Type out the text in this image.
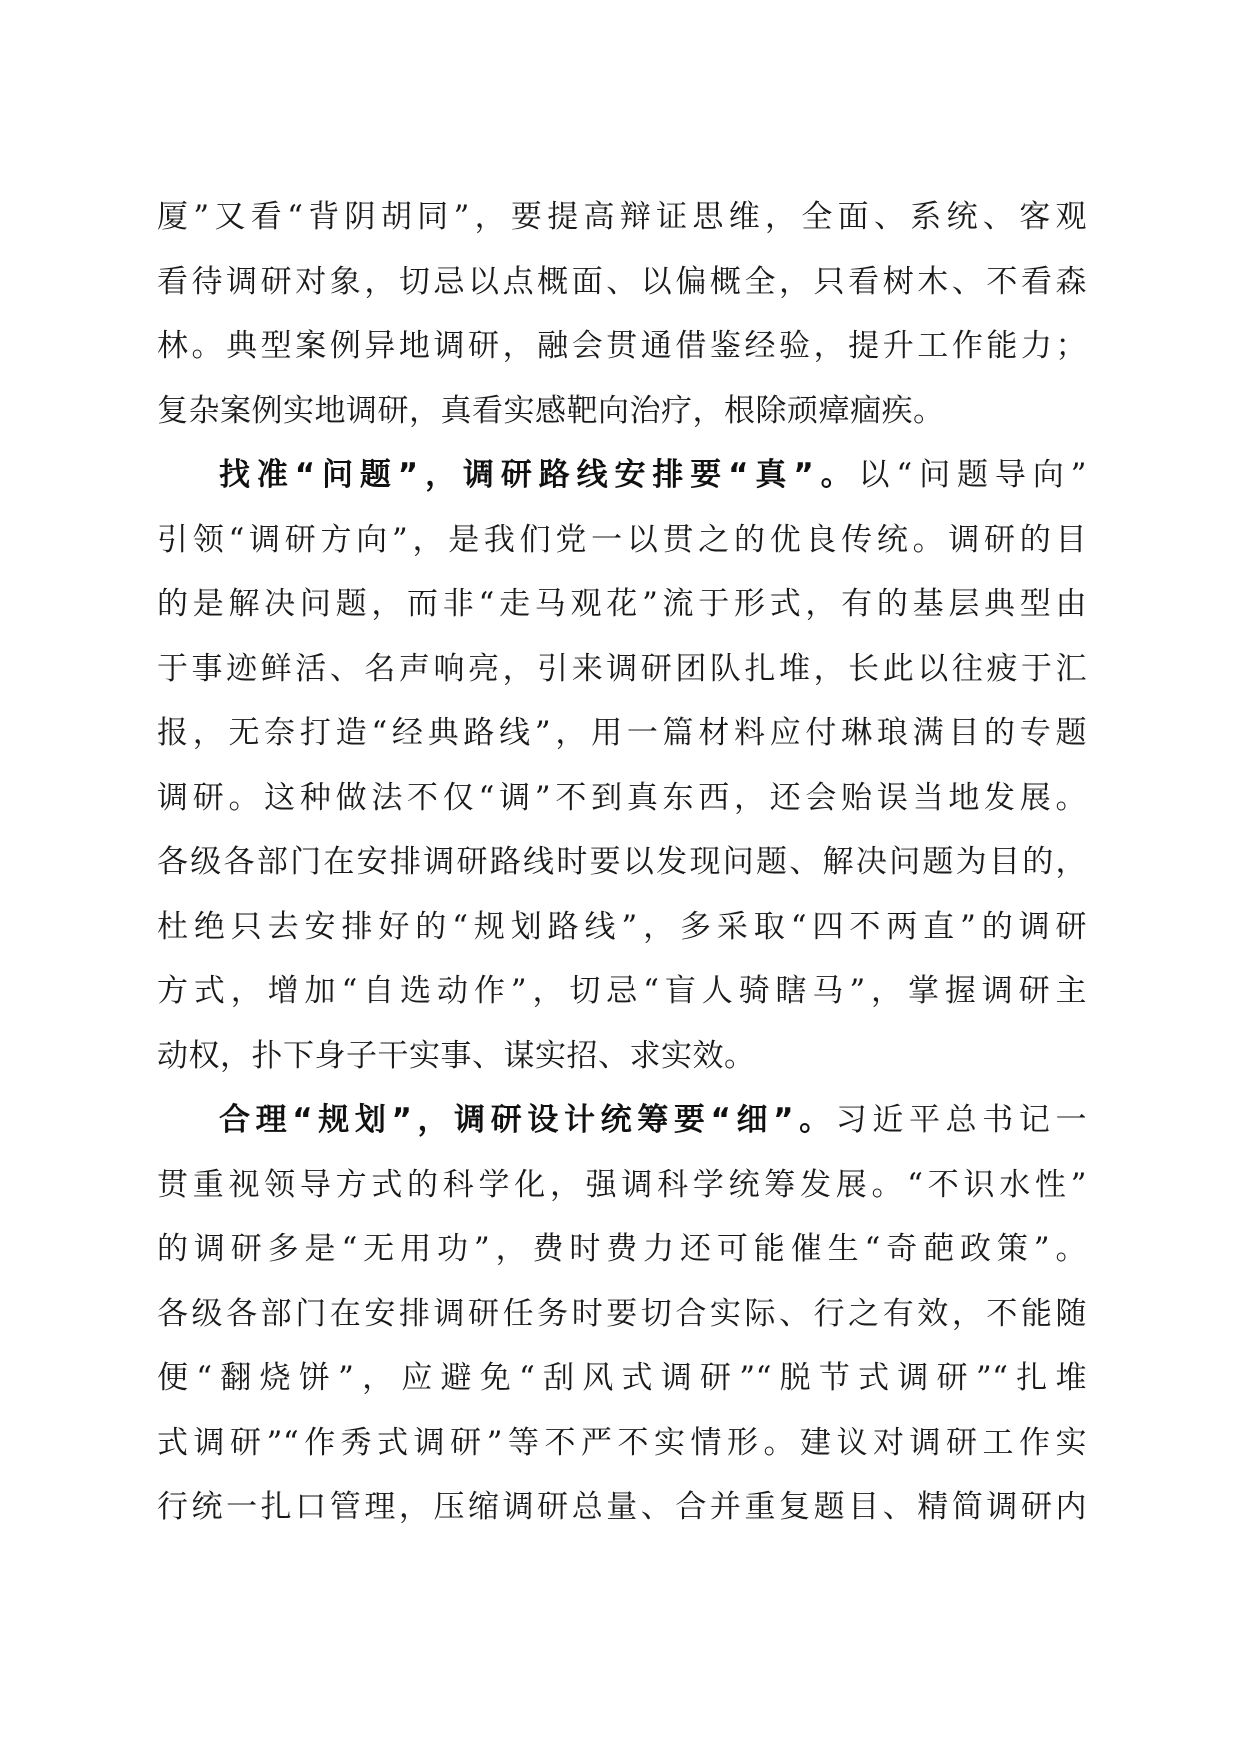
厦”又看“背阴胡同”，要提高辩证思维，全面、系统、客观
看待调研对象，切忌以点概面、以偏概全，只看树木、不看森
林。典型案例异地调研，融会贯通借鉴经验，提升工作能力；
复杂案例实地调研，真看实感靶向治疗，根除顽瘴痼疾。
找准“问题”，调研路线安排要“真”。以“问题导向”
引领“调研方向”，是我们党一以贯之的优良传统。调研的目
的是解决问题，而非“走马观花”流于形式，有的基层典型由
于事迹鲜活、名声响亮，引来调研团队扎堆，长此以往疲于汇
报，无奈打造“经典路线”，用一篇材料应付琳琅满目的专题
调研。这种做法不仅“调”不到真东西，还会贻误当地发展。
各级各部门在安排调研路线时要以发现问题、解决问题为目的，
杜绝只去安排好的“规划路线”，多采取“四不两直”的调研
方式，增加“自选动作”，切忌“盲人骑瞎马”，掌握调研主
动权，扑下身子干实事、谋实招、求实效。
合理“规划”，调研设计统筹要“细”。习近平总书记一
贯重视领导方式的科学化，强调科学统筹发展。“不识水性”
的调研多是“无用功”，费时费力还可能催生“奇葩政策”。
各级各部门在安排调研任务时要切合实际、行之有效，不能随
便“翻烧饼”，应避免“刮风式调研”“脱节式调研”“扎堆
式调研”“作秀式调研”等不严不实情形。建议对调研工作实
行统一扎口管理，压缩调研总量、合并重复题目、精简调研内
